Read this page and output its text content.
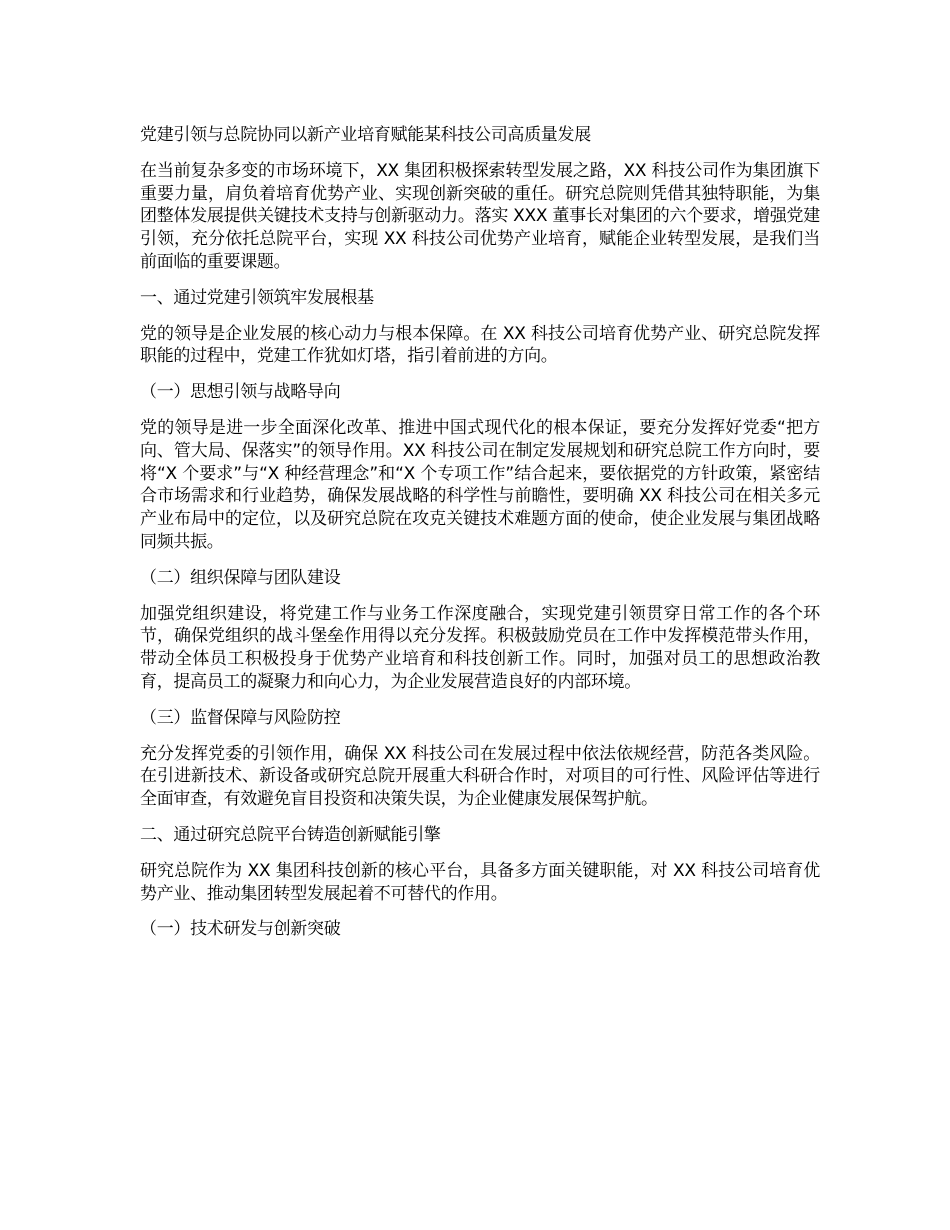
党建引领与总院协同以新产业培育赋能某科技公司高质量发展
在当前复杂多变的市场环境下，XX 集团积极探索转型发展之路，XX 科技公司作为集团旗下重要力量，肩负着培育优势产业、实现创新突破的重任。研究总院则凭借其独特职能，为集团整体发展提供关键技术支持与创新驱动力。落实 XXX 董事长对集团的六个要求，增强党建引领，充分依托总院平台，实现 XX 科技公司优势产业培育，赋能企业转型发展，是我们当前面临的重要课题。
一、通过党建引领筑牢发展根基
党的领导是企业发展的核心动力与根本保障。在 XX 科技公司培育优势产业、研究总院发挥职能的过程中，党建工作犹如灯塔，指引着前进的方向。
（一）思想引领与战略导向
党的领导是进一步全面深化改革、推进中国式现代化的根本保证，要充分发挥好党委“把方向、管大局、保落实”的领导作用。XX 科技公司在制定发展规划和研究总院工作方向时，要将“X 个要求”与“X 种经营理念”和“X 个专项工作”结合起来，要依据党的方针政策，紧密结合市场需求和行业趋势，确保发展战略的科学性与前瞻性，要明确 XX 科技公司在相关多元产业布局中的定位，以及研究总院在攻克关键技术难题方面的使命，使企业发展与集团战略同频共振。
（二）组织保障与团队建设
加强党组织建设，将党建工作与业务工作深度融合，实现党建引领贯穿日常工作的各个环节，确保党组织的战斗堡垒作用得以充分发挥。积极鼓励党员在工作中发挥模范带头作用，带动全体员工积极投身于优势产业培育和科技创新工作。同时，加强对员工的思想政治教育，提高员工的凝聚力和向心力，为企业发展营造良好的内部环境。
（三）监督保障与风险防控
充分发挥党委的引领作用，确保 XX 科技公司在发展过程中依法依规经营，防范各类风险。在引进新技术、新设备或研究总院开展重大科研合作时，对项目的可行性、风险评估等进行全面审查，有效避免盲目投资和决策失误，为企业健康发展保驾护航。
二、通过研究总院平台铸造创新赋能引擎
研究总院作为 XX 集团科技创新的核心平台，具备多方面关键职能，对 XX 科技公司培育优势产业、推动集团转型发展起着不可替代的作用。
（一）技术研发与创新突破
